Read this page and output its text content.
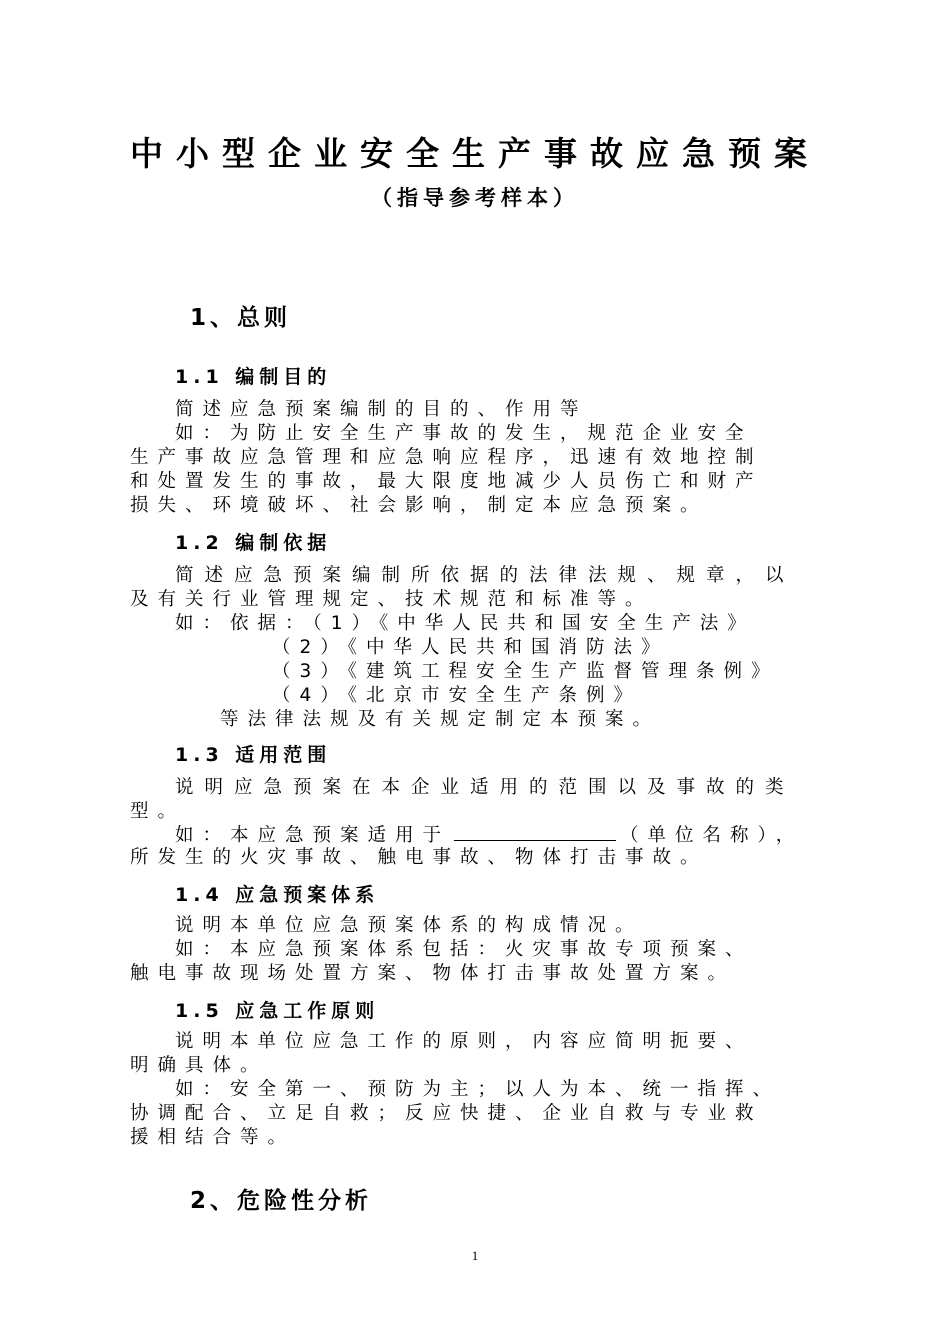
中小型企业安全生产事故应急预案
（指导参考样本）
1、总则
1.1 编制目的
简述应急预案编制的目的、作用等
如：为防止安全生产事故的发生，规范企业安全
生产事故应急管理和应急响应程序，迅速有效地控制
和处置发生的事故，最大限度地减少人员伤亡和财产
损失、环境破坏、社会影响，制定本应急预案。
1.2 编制依据
简述应急预案编制所依据的法律法规、规章，以
及有关行业管理规定、技术规范和标准等。
如：依据：（1）《中华人民共和国安全生产法》
（2）《中华人民共和国消防法》
（3）《建筑工程安全生产监督管理条例》
（4）《北京市安全生产条例》
等法律法规及有关规定制定本预案。
1.3 适用范围
说明应急预案在本企业适用的范围以及事故的类
型。
如：本应急预案适用于	（单位名称），
所发生的火灾事故、触电事故、物体打击事故。
1.4 应急预案体系
说明本单位应急预案体系的构成情况。
如：本应急预案体系包括：火灾事故专项预案、
触电事故现场处置方案、物体打击事故处置方案。
1.5 应急工作原则
说明本单位应急工作的原则，内容应简明扼要、
明确具体。
如：安全第一、预防为主；以人为本、统一指挥、
协调配合、立足自救；反应快捷、企业自救与专业救
援相结合等。
2、危险性分析
1
